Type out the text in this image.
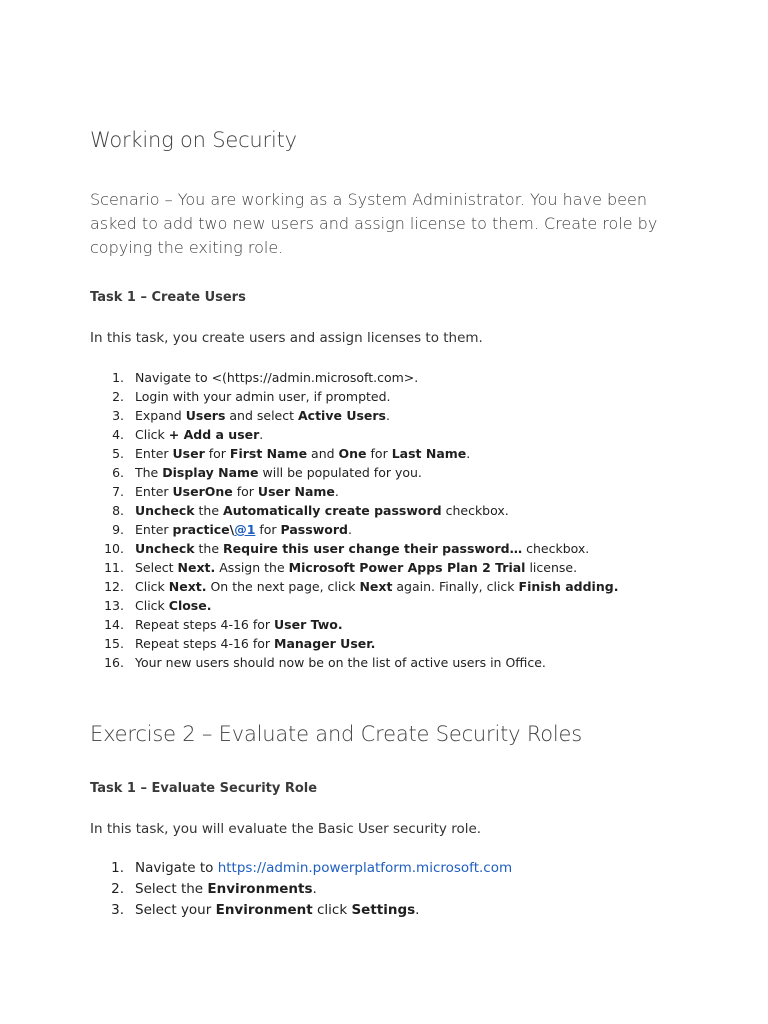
Working on Security

Scenario – You are working as a System Administrator. You have been asked to add two new users and assign license to them. Create role by copying the exiting role.

Task 1 – Create Users

In this task, you create users and assign licenses to them.

1. Navigate to <(https://admin.microsoft.com>.
2. Login with your admin user, if prompted.
3. Expand Users and select Active Users.
4. Click + Add a user.
5. Enter User for First Name and One for Last Name.
6. The Display Name will be populated for you.
7. Enter UserOne for User Name.
8. Uncheck the Automatically create password checkbox.
9. Enter practice\@1 for Password.
10. Uncheck the Require this user change their password… checkbox.
11. Select Next. Assign the Microsoft Power Apps Plan 2 Trial license.
12. Click Next. On the next page, click Next again. Finally, click Finish adding.
13. Click Close.
14. Repeat steps 4-16 for User Two.
15. Repeat steps 4-16 for Manager User.
16. Your new users should now be on the list of active users in Office.
Exercise 2 – Evaluate and Create Security Roles
Task 1 – Evaluate Security Role

In this task, you will evaluate the Basic User security role.

1. Navigate to https://admin.powerplatform.microsoft.com
2. Select the Environments.
3. Select your Environment click Settings.
